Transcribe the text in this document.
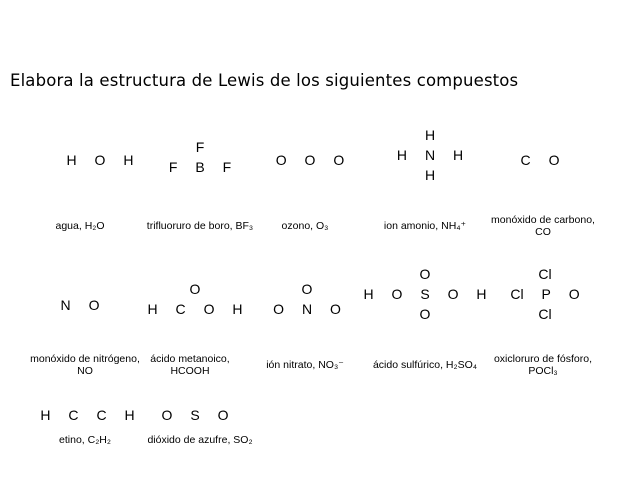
Elabora la estructura de Lewis de los siguientes compuestos
H  O  H
agua, H₂O
F
F  B  F
trifluoruro de boro, BF₃
O  O  O
ozono, O₃
H
H  N  H
H
ion amonio, NH₄⁺
C  O
monóxido de carbono,
CO
N  O
monóxido de nitrógeno,
NO
O
H  C  O  H
ácido metanoico,
HCOOH
O
O  N  O
ión nitrato, NO₃⁻
O
H  O  S  O  H
O
ácido sulfúrico, H₂SO₄
Cl
Cl  P  O
Cl
oxicloruro de fósforo,
POCl₃
H  C  C  H
etino, C₂H₂
O  S  O
dióxido de azufre, SO₂
